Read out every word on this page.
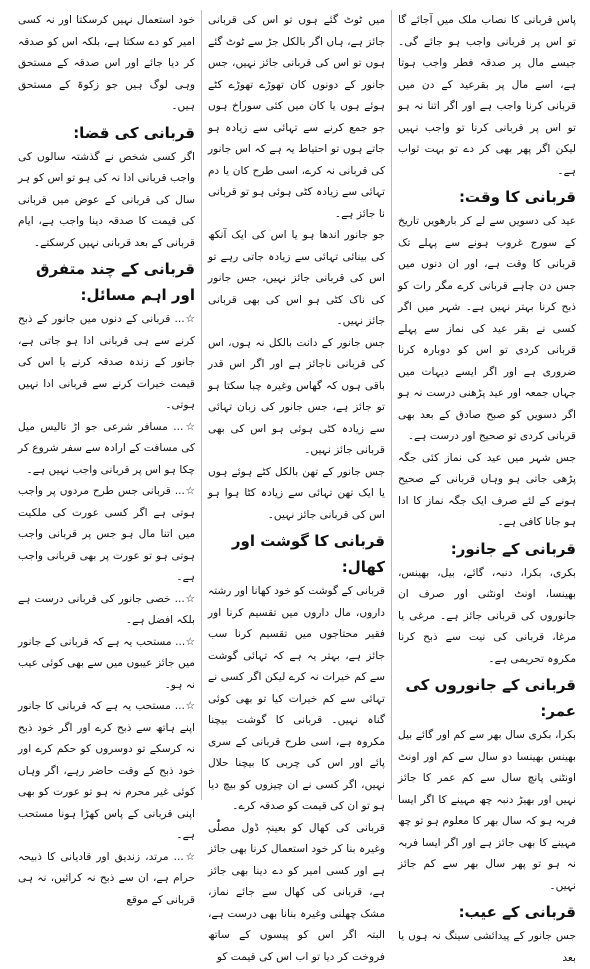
پاس قربانی کا نصاب ملک میں آجائے گا تو اس پر قربانی واجب ہو جائے گی۔ جیسے مال پر صدقہ فطر واجب ہوتا ہے، اسے مال پر بقرعید کے دن میں قربانی کرنا واجب ہے اور اگر اتنا نہ ہو تو اس پر قربانی کرنا تو واجب نہیں لیکن اگر پھر بھی کر دے تو بہت ثواب ہے۔

قربانی کا وقت:

عید کی دسویں سے لے کر بارھویں تاریخ کے سورج غروب ہونے سے پہلے تک قربانی کا وقت ہے، اور ان دنوں میں جس دن چاہے قربانی کرے مگر رات کو ذبح کرنا بہتر نہیں ہے۔ شہر میں اگر کسی نے بقر عید کی نماز سے پہلے قربانی کردی تو اس کو دوبارہ کرنا ضروری ہے اور اگر ایسے دیہات میں جہاں جمعہ اور عید پڑھنی درست نہ ہو اگر دسویں کو صبح صادق کے بعد بھی قربانی کردی تو صحیح اور درست ہے۔

جس شہر میں عید کی نماز کئی جگہ پڑھی جاتی ہو وہاں قربانی کے صحیح ہونے کے لئے صرف ایک جگہ نماز کا ادا ہو جانا کافی ہے۔

قربانی کے جانور:

بکری، بکرا، دنبہ، گائے، بیل، بھینس، بھینسا، اونٹ اونٹنی اور صرف ان جانوروں کی قربانی جائز ہے۔ مرغی یا مرغا، قربانی کی نیت سے ذبح کرنا مکروہ تحریمی ہے۔

قربانی کے جانوروں کی عمر:

بکرا، بکری سال بھر سے کم اور گائے بیل بھینس بھینسا دو سال سے کم اور اونٹ اونٹنی پانچ سال سے کم عمر کا جائز نہیں اور بھیڑ دنبہ چھ مہینے کا اگر ایسا فربہ ہو کہ سال بھر کا معلوم ہو تو چھ مہینے کا بھی جائز ہے اور اگر ایسا فربہ نہ ہو تو پھر سال بھر سے کم جائز نہیں۔

قربانی کے عیب:

جس جانور کے پیدائشی سینگ نہ ہوں یا بعد

میں ٹوٹ گئے ہوں تو اس کی قربانی جائز ہے، ہاں اگر بالکل جڑ سے ٹوٹ گئے ہوں تو اس کی قربانی جائز نہیں، جس جانور کے دونوں کان تھوڑے تھوڑے کٹے ہوئے ہوں یا کان میں کئی سوراخ ہوں جو جمع کرنے سے تہائی سے زیادہ ہو جاتے ہوں تو احتیاط یہ ہے کہ اس جانور کی قربانی نہ کرے، اسی طرح کان یا دم تہائی سے زیادہ کٹی ہوئی ہو تو قربانی نا جائز ہے۔

جو جانور اندھا ہو یا اس کی ایک آنکھ کی بینائی تہائی سے زیادہ جاتی رہے تو اس کی قربانی جائز نہیں، جس جانور کی ناک کٹی ہو اس کی بھی قربانی جائز نہیں۔

جس جانور کے دانت بالکل نہ ہوں، اس کی قربانی ناجائز ہے اور اگر اس قدر باقی ہوں کہ گھاس وغیرہ چبا سکتا ہو تو جائز ہے، جس جانور کی زبان تہائی سے زیادہ کٹی ہوئی ہو اس کی بھی قربانی جائز نہیں۔

جس جانور کے تھن بالکل کٹے ہوئے ہوں یا ایک تھن تہائی سے زیادہ کٹا ہوا ہو اس کی قربانی جائز نہیں۔

قربانی کا گوشت اور کھال:

قربانی کے گوشت کو خود کھانا اور رشتہ داروں، مال داروں میں تقسیم کرنا اور فقیر محتاجوں میں تقسیم کرنا سب جائز ہے، بہتر یہ ہے کہ تہائی گوشت سے کم خیرات نہ کرے لیکن اگر کسی نے تہائی سے کم خیرات کیا تو بھی کوئی گناہ نہیں۔ قربانی کا گوشت بیچنا مکروہ ہے، اسی طرح قربانی کے سری پائے اور اس کی چربی کا بیچنا حلال نہیں، اگر کسی نے ان چیزوں کو بیچ دیا ہو تو ان کی قیمت کو صدقہ کرے۔

قربانی کی کھال کو بعینہٖ ڈول مصلّٰی وغیرہ بنا کر خود استعمال کرنا بھی جائز ہے اور کسی امیر کو دے دینا بھی جائز ہے، قربانی کی کھال سے جائے نماز، مشک چھلنی وغیرہ بنانا بھی درست ہے، البتہ اگر اس کو پیسوں کے ساتھ فروخت کر دیا تو اب اس کی قیمت کو

خود استعمال نہیں کرسکتا اور نہ کسی امیر کو دے سکتا ہے، بلکہ اس کو صدقہ کر دیا جائے اور اس صدقہ کے مستحق وہی لوگ ہیں جو زکوۃ کے مستحق ہیں۔

قربانی کی قضا:

اگر کسی شخص نے گذشتہ سالوں کی واجب قربانی ادا نہ کی ہو تو اس کو ہر سال کی قربانی کے عوض میں قربانی کی قیمت کا صدقہ دینا واجب ہے، ایام قربانی کے بعد قربانی نہیں کرسکتے۔

قربانی کے چند متفرق اور اہم مسائل:

☆... قربانی کے دنوں میں جانور کے ذبح کرنے سے ہی قربانی ادا ہو جاتی ہے، جانور کے زندہ صدقہ کرنے یا اس کی قیمت خیرات کرنے سے قربانی ادا نہیں ہوتی۔

☆... مسافر شرعی جو اڑ تالیس میل کی مسافت کے ارادہ سے سفر شروع کر چکا ہو اس پر قربانی واجب نہیں ہے۔

☆... قربانی جس طرح مردوں پر واجب ہوتی ہے اگر کسی عورت کی ملکیت میں اتنا مال ہو جس پر قربانی واجب ہوتی ہو تو عورت پر بھی قربانی واجب ہے۔

☆... خصی جانور کی قربانی درست ہے بلکہ افضل ہے۔

☆... مستحب یہ ہے کہ قربانی کے جانور میں جائز عیبوں میں سے بھی کوئی عیب نہ ہو۔

☆... مستحب یہ ہے کہ قربانی کا جانور اپنے ہاتھ سے ذبح کرے اور اگر خود ذبح نہ کرسکے تو دوسروں کو حکم کرے اور خود ذبح کے وقت حاضر رہے، اگر وہاں کوئی غیر محرم نہ ہو تو عورت کو بھی اپنی قربانی کے پاس کھڑا ہونا مستحب ہے۔

☆... مرتد، زندیق اور قادیانی کا ذبیحہ حرام ہے، ان سے ذبح نہ کرائیں، نہ ہی قربانی کے موقع
